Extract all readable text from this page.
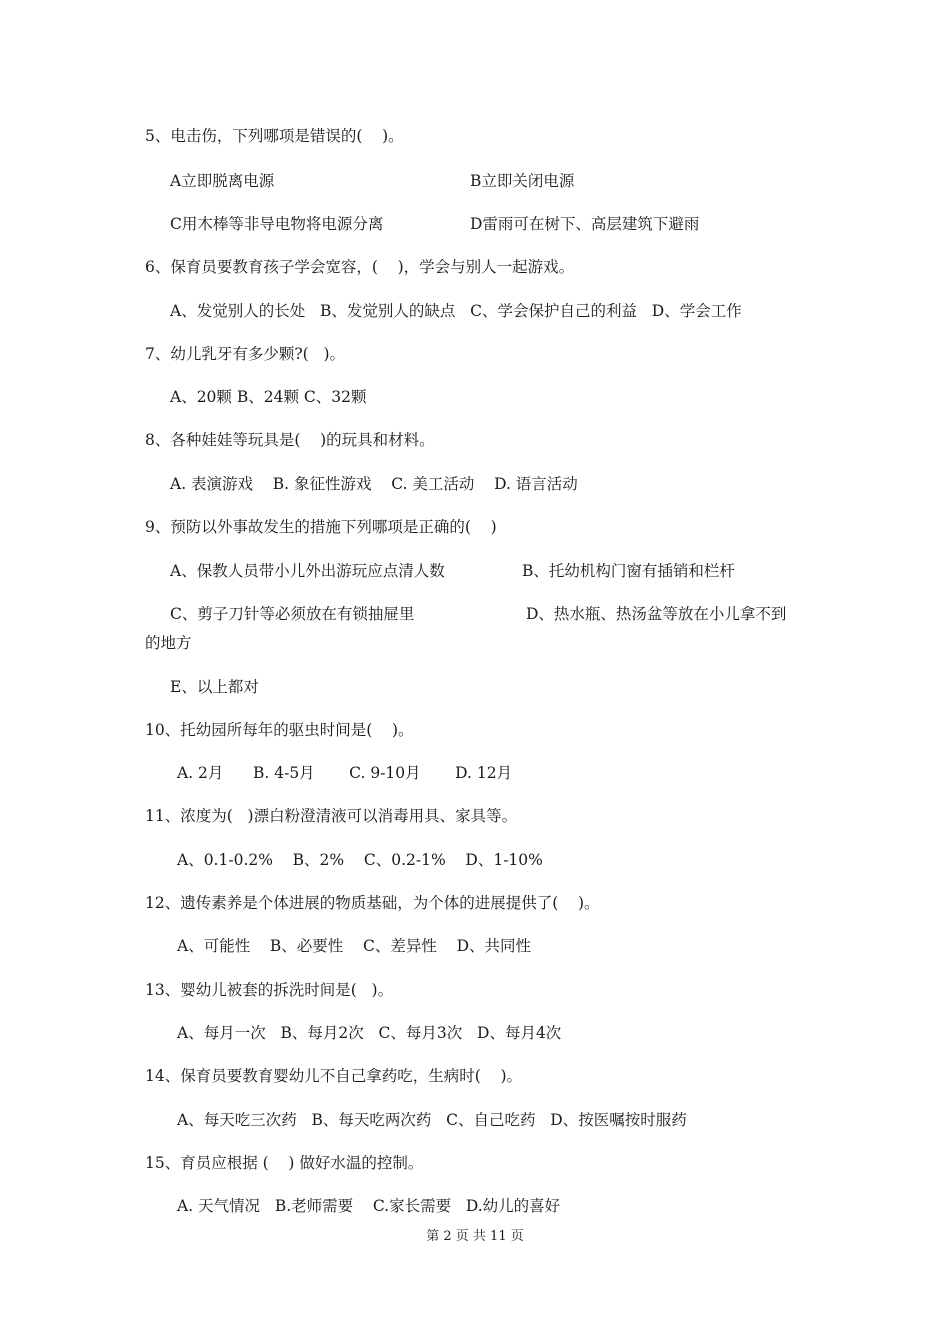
5、电击伤，下列哪项是错误的(    )。
A立即脱离电源	B立即关闭电源
C用木棒等非导电物将电源分离	D雷雨可在树下、高层建筑下避雨
6、保育员要教育孩子学会宽容，(    )，学会与别人一起游戏。
A、发觉别人的长处   B、发觉别人的缺点   C、学会保护自己的利益   D、学会工作
7、幼儿乳牙有多少颗?(   )。
A、20颗 B、24颗 C、32颗
8、各种娃娃等玩具是(    )的玩具和材料。
A. 表演游戏    B. 象征性游戏    C. 美工活动    D. 语言活动
9、预防以外事故发生的措施下列哪项是正确的(    )
A、保教人员带小儿外出游玩应点清人数	B、托幼机构门窗有插销和栏杆
C、剪子刀针等必须放在有锁抽屉里	D、热水瓶、热汤盆等放在小儿拿不到
的地方
E、以上都对
10、托幼园所每年的驱虫时间是(    )。
A. 2月      B. 4-5月       C. 9-10月       D. 12月
11、浓度为(   )漂白粉澄清液可以消毒用具、家具等。
A、0.1-0.2%    B、2%    C、0.2-1%    D、1-10%
12、遗传素养是个体进展的物质基础，为个体的进展提供了(    )。
A、可能性    B、必要性    C、差异性    D、共同性
13、婴幼儿被套的拆洗时间是(   )。
A、每月一次   B、每月2次   C、每月3次   D、每月4次
14、保育员要教育婴幼儿不自己拿药吃，生病时(    )。
A、每天吃三次药   B、每天吃两次药   C、自己吃药   D、按医嘱按时服药
15、育员应根据 (    ) 做好水温的控制。
A. 天气情况   B.老师需要    C.家长需要   D.幼儿的喜好
第 2 页 共 11 页
